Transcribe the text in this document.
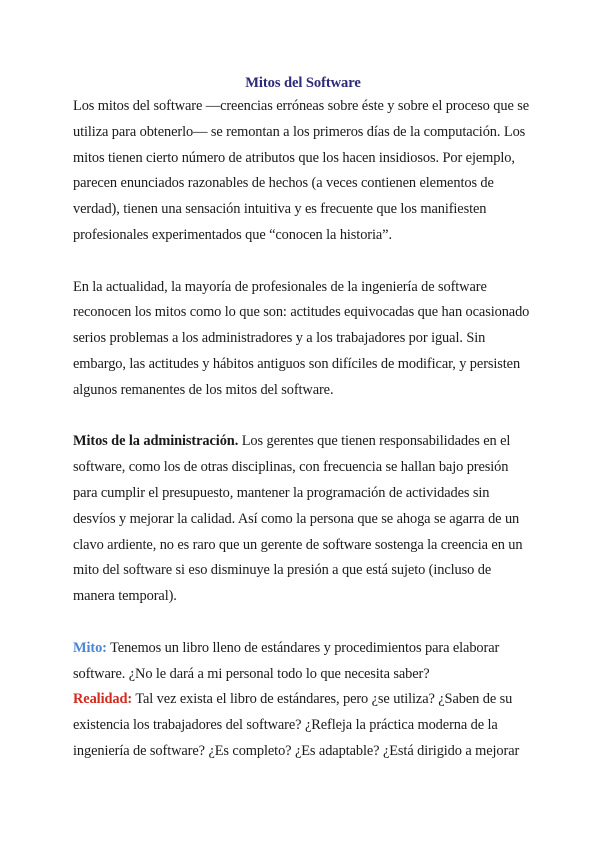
Mitos del Software

Los mitos del software —creencias erróneas sobre éste y sobre el proceso que se utiliza para obtenerlo— se remontan a los primeros días de la computación. Los mitos tienen cierto número de atributos que los hacen insidiosos. Por ejemplo, parecen enunciados razonables de hechos (a veces contienen elementos de verdad), tienen una sensación intuitiva y es frecuente que los manifiesten profesionales experimentados que “conocen la historia”.

En la actualidad, la mayoría de profesionales de la ingeniería de software reconocen los mitos como lo que son: actitudes equivocadas que han ocasionado serios problemas a los administradores y a los trabajadores por igual. Sin embargo, las actitudes y hábitos antiguos son difíciles de modificar, y persisten algunos remanentes de los mitos del software.

Mitos de la administración. Los gerentes que tienen responsabilidades en el software, como los de otras disciplinas, con frecuencia se hallan bajo presión para cumplir el presupuesto, mantener la programación de actividades sin desvíos y mejorar la calidad. Así como la persona que se ahoga se agarra de un clavo ardiente, no es raro que un gerente de software sostenga la creencia en un mito del software si eso disminuye la presión a que está sujeto (incluso de manera temporal).

Mito: Tenemos un libro lleno de estándares y procedimientos para elaborar software. ¿No le dará a mi personal todo lo que necesita saber?

Realidad: Tal vez exista el libro de estándares, pero ¿se utiliza? ¿Saben de su existencia los trabajadores del software? ¿Refleja la práctica moderna de la ingeniería de software? ¿Es completo? ¿Es adaptable? ¿Está dirigido a mejorar
